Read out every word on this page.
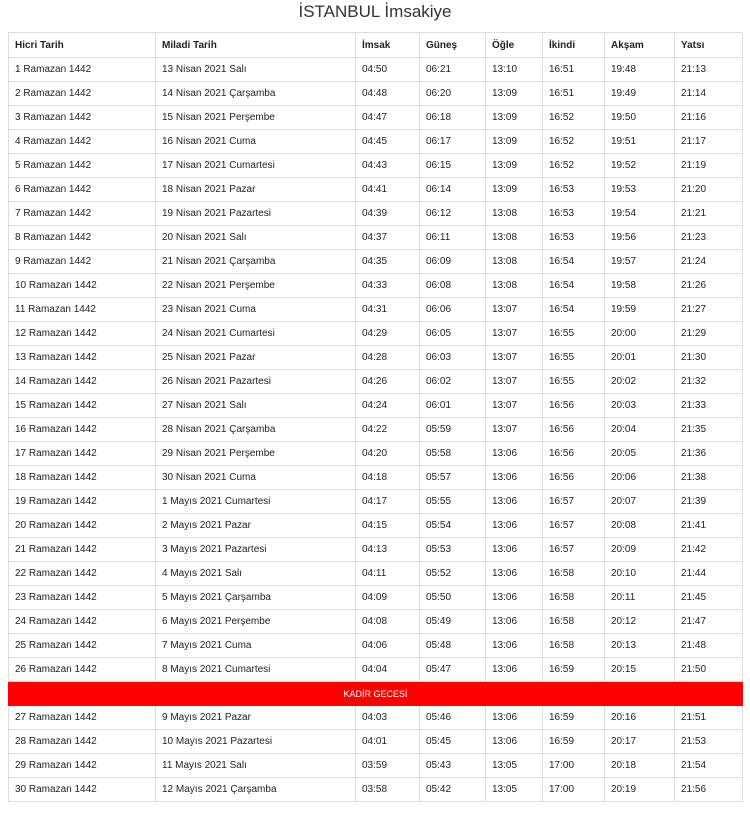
İSTANBUL İmsakiye
Hicri Tarih	Miladi Tarih	İmsak	Güneş	Öğle	İkindi	Akşam	Yatsı
1 Ramazan 1442	13 Nisan 2021 Salı	04:50	06:21	13:10	16:51	19:48	21:13
2 Ramazan 1442	14 Nisan 2021 Çarşamba	04:48	06:20	13:09	16:51	19:49	21:14
3 Ramazan 1442	15 Nisan 2021 Perşembe	04:47	06:18	13:09	16:52	19:50	21:16
4 Ramazan 1442	16 Nisan 2021 Cuma	04:45	06:17	13:09	16:52	19:51	21:17
5 Ramazan 1442	17 Nisan 2021 Cumartesi	04:43	06:15	13:09	16:52	19:52	21:19
6 Ramazan 1442	18 Nisan 2021 Pazar	04:41	06:14	13:09	16:53	19:53	21:20
7 Ramazan 1442	19 Nisan 2021 Pazartesi	04:39	06:12	13:08	16:53	19:54	21:21
8 Ramazan 1442	20 Nisan 2021 Salı	04:37	06:11	13:08	16:53	19:56	21:23
9 Ramazan 1442	21 Nisan 2021 Çarşamba	04:35	06:09	13:08	16:54	19:57	21:24
10 Ramazan 1442	22 Nisan 2021 Perşembe	04:33	06:08	13:08	16:54	19:58	21:26
11 Ramazan 1442	23 Nisan 2021 Cuma	04:31	06:06	13:07	16:54	19:59	21:27
12 Ramazan 1442	24 Nisan 2021 Cumartesi	04:29	06:05	13:07	16:55	20:00	21:29
13 Ramazan 1442	25 Nisan 2021 Pazar	04:28	06:03	13:07	16:55	20:01	21:30
14 Ramazan 1442	26 Nisan 2021 Pazartesi	04:26	06:02	13:07	16:55	20:02	21:32
15 Ramazan 1442	27 Nisan 2021 Salı	04:24	06:01	13:07	16:56	20:03	21:33
16 Ramazan 1442	28 Nisan 2021 Çarşamba	04:22	05:59	13:07	16:56	20:04	21:35
17 Ramazan 1442	29 Nisan 2021 Perşembe	04:20	05:58	13:06	16:56	20:05	21:36
18 Ramazan 1442	30 Nisan 2021 Cuma	04:18	05:57	13:06	16:56	20:06	21:38
19 Ramazan 1442	1 Mayıs 2021 Cumartesi	04:17	05:55	13:06	16:57	20:07	21:39
20 Ramazan 1442	2 Mayıs 2021 Pazar	04:15	05:54	13:06	16:57	20:08	21:41
21 Ramazan 1442	3 Mayıs 2021 Pazartesi	04:13	05:53	13:06	16:57	20:09	21:42
22 Ramazan 1442	4 Mayıs 2021 Salı	04:11	05:52	13:06	16:58	20:10	21:44
23 Ramazan 1442	5 Mayıs 2021 Çarşamba	04:09	05:50	13:06	16:58	20:11	21:45
24 Ramazan 1442	6 Mayıs 2021 Perşembe	04:08	05:49	13:06	16:58	20:12	21:47
25 Ramazan 1442	7 Mayıs 2021 Cuma	04:06	05:48	13:06	16:58	20:13	21:48
26 Ramazan 1442	8 Mayıs 2021 Cumartesi	04:04	05:47	13:06	16:59	20:15	21:50
KADİR GECESİ							
27 Ramazan 1442	9 Mayıs 2021 Pazar	04:03	05:46	13:06	16:59	20:16	21:51
28 Ramazan 1442	10 Mayıs 2021 Pazartesi	04:01	05:45	13:06	16:59	20:17	21:53
29 Ramazan 1442	11 Mayıs 2021 Salı	03:59	05:43	13:05	17:00	20:18	21:54
30 Ramazan 1442	12 Mayıs 2021 Çarşamba	03:58	05:42	13:05	17:00	20:19	21:56
